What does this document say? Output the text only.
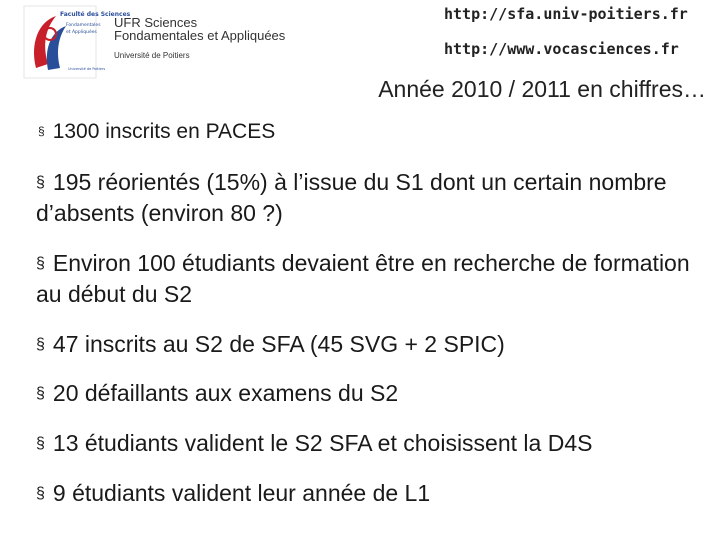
Faculté des Sciences
Fondamentales
et Appliquées
Université de Poitiers
UFR Sciences
Fondamentales et Appliquées
Université de Poitiers
http://sfa.univ-poitiers.fr
http://www.vocasciences.fr
Année 2010 / 2011 en chiffres…
§ 1300 inscrits en PACES
§ 195 réorientés (15%) à l’issue du S1 dont un certain nombre d’absents (environ 80 ?)
§ Environ 100 étudiants devaient être en recherche de formation au début du S2
§ 47 inscrits au S2 de SFA (45 SVG + 2 SPIC)
§ 20 défaillants aux examens du S2
§ 13 étudiants valident le S2 SFA et choisissent la D4S
§ 9 étudiants valident leur année de L1
